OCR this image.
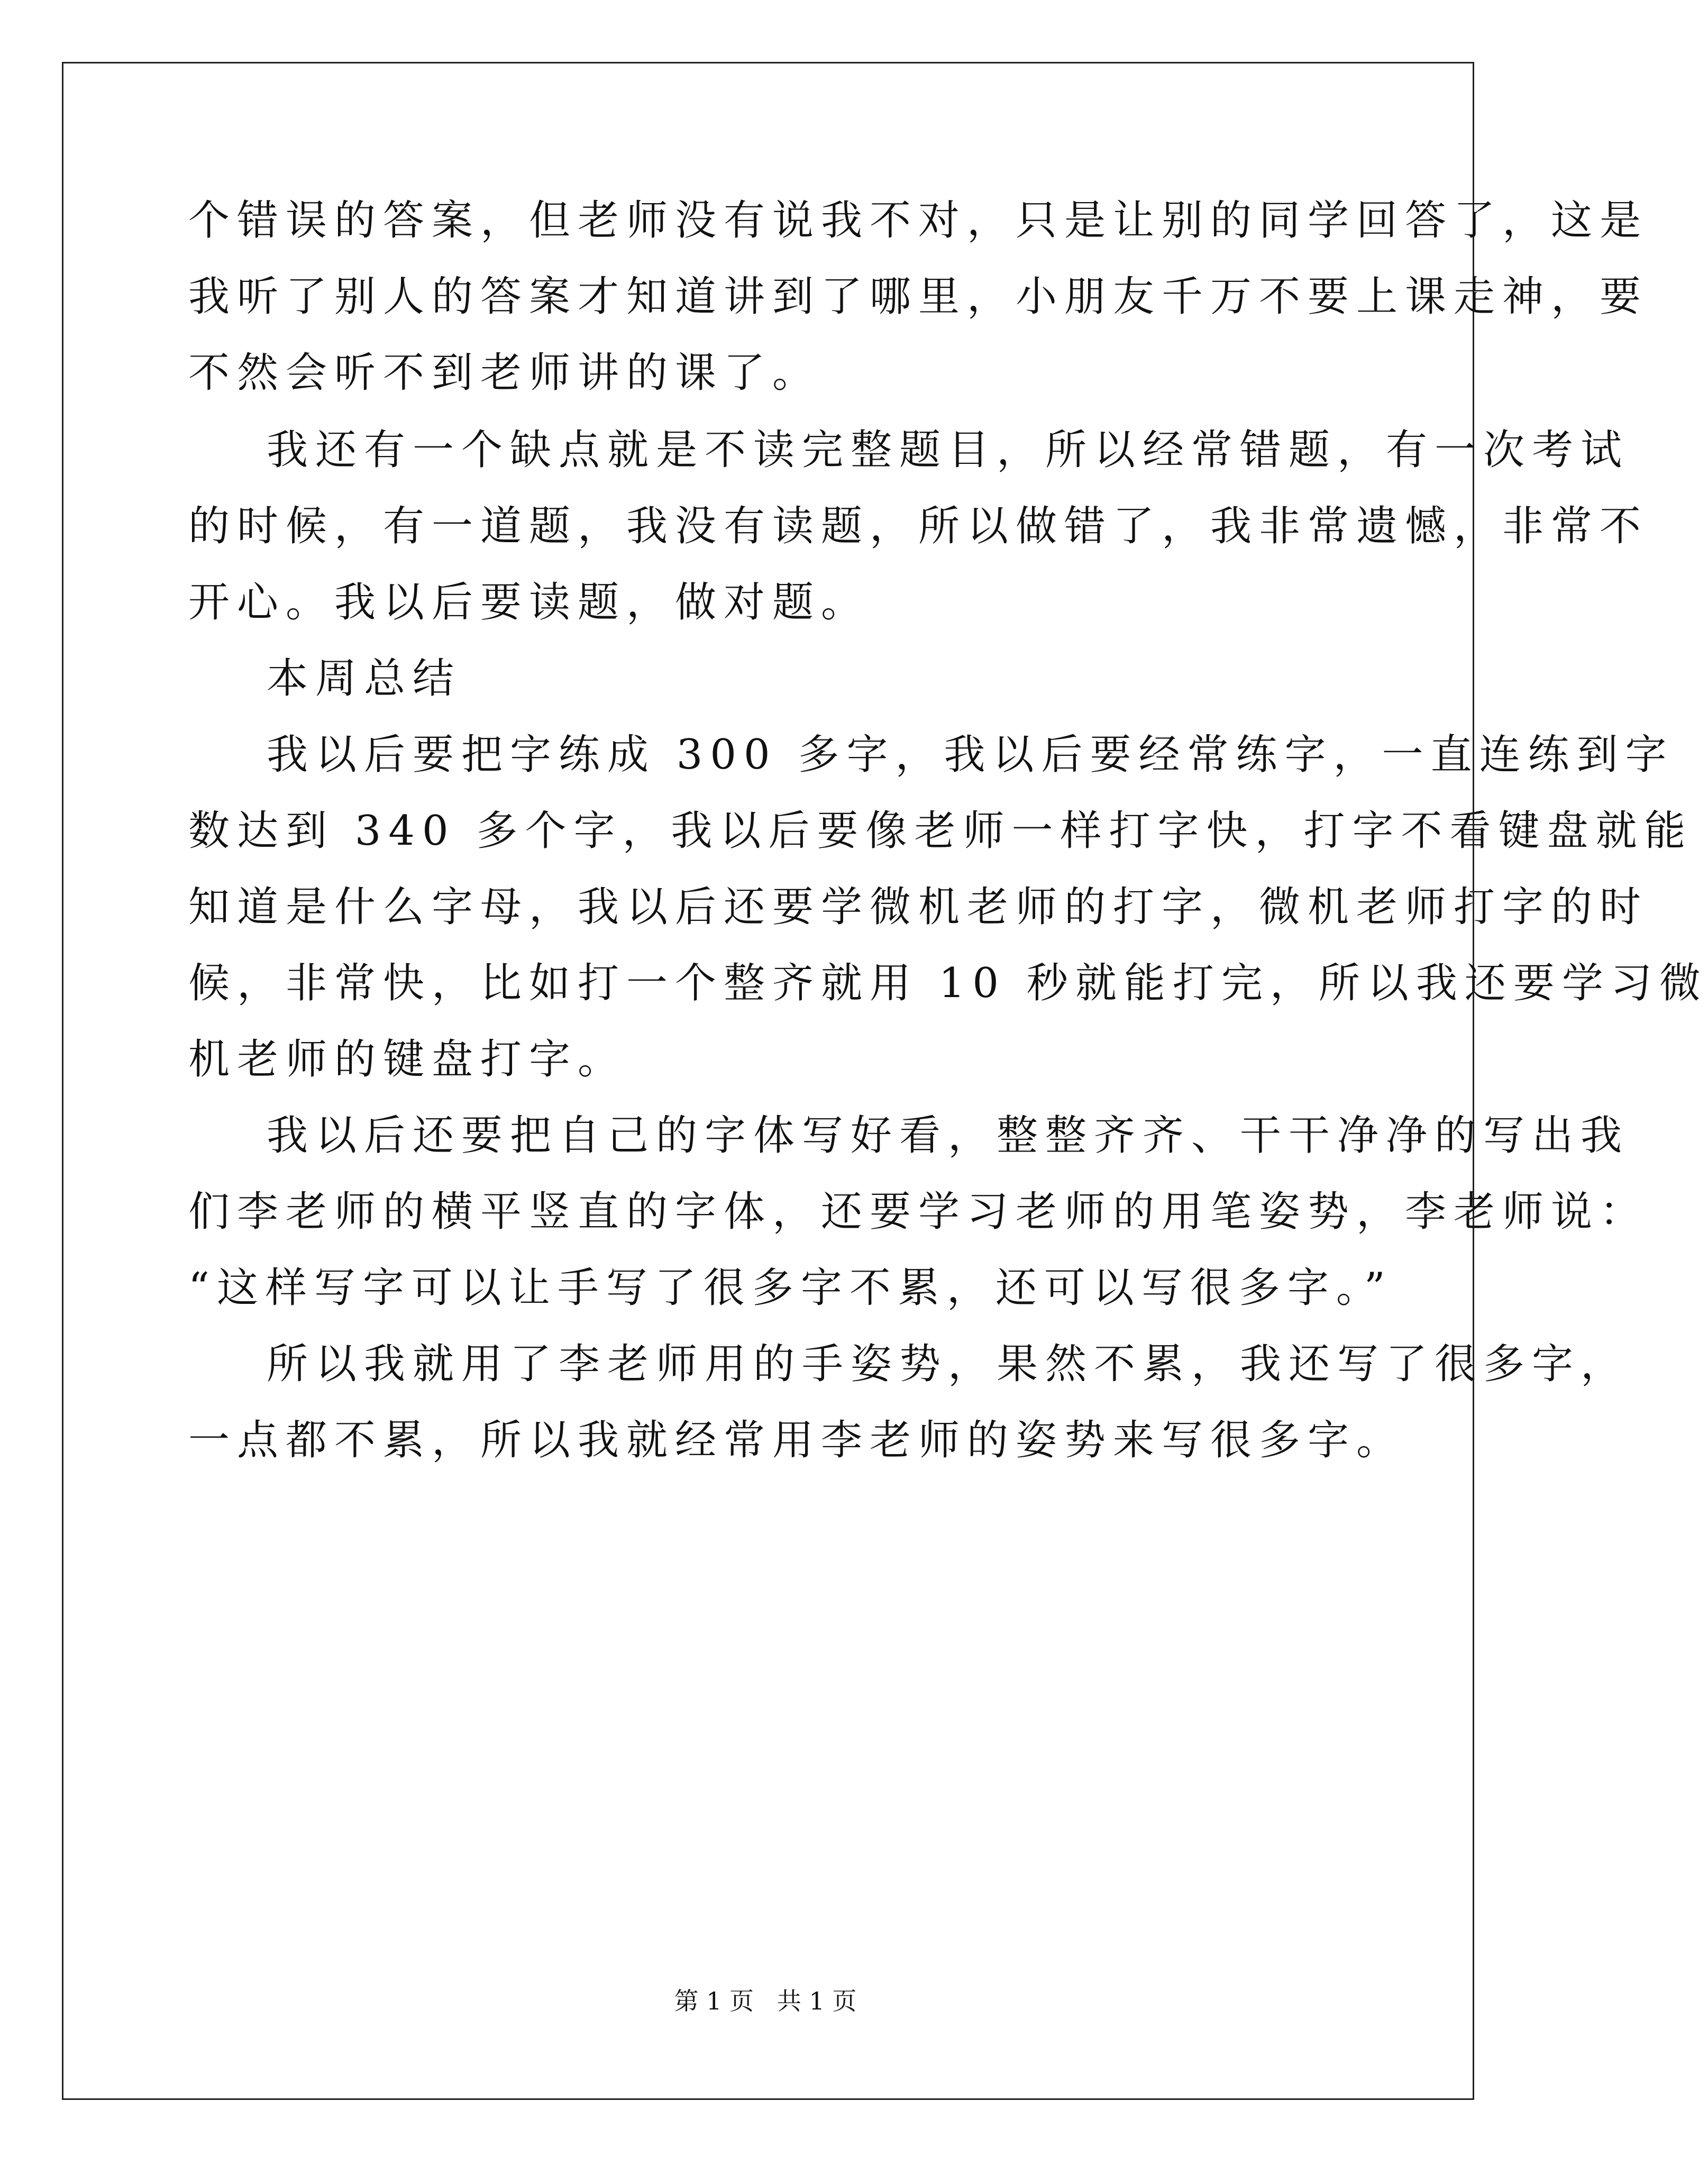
个错误的答案，但老师没有说我不对，只是让别的同学回答了，这是
我听了别人的答案才知道讲到了哪里，小朋友千万不要上课走神，要
不然会听不到老师讲的课了。
我还有一个缺点就是不读完整题目，所以经常错题，有一次考试
的时候，有一道题，我没有读题，所以做错了，我非常遗憾，非常不
开心。我以后要读题，做对题。
本周总结
我以后要把字练成 300 多字，我以后要经常练字，一直连练到字
数达到 340 多个字，我以后要像老师一样打字快，打字不看键盘就能
知道是什么字母，我以后还要学微机老师的打字，微机老师打字的时
候，非常快，比如打一个整齐就用 10 秒就能打完，所以我还要学习微
机老师的键盘打字。
我以后还要把自己的字体写好看，整整齐齐、干干净净的写出我
们李老师的横平竖直的字体，还要学习老师的用笔姿势，李老师说：
“这样写字可以让手写了很多字不累，还可以写很多字。”
所以我就用了李老师用的手姿势，果然不累，我还写了很多字，
一点都不累，所以我就经常用李老师的姿势来写很多字。
第 1 页   共 1 页
